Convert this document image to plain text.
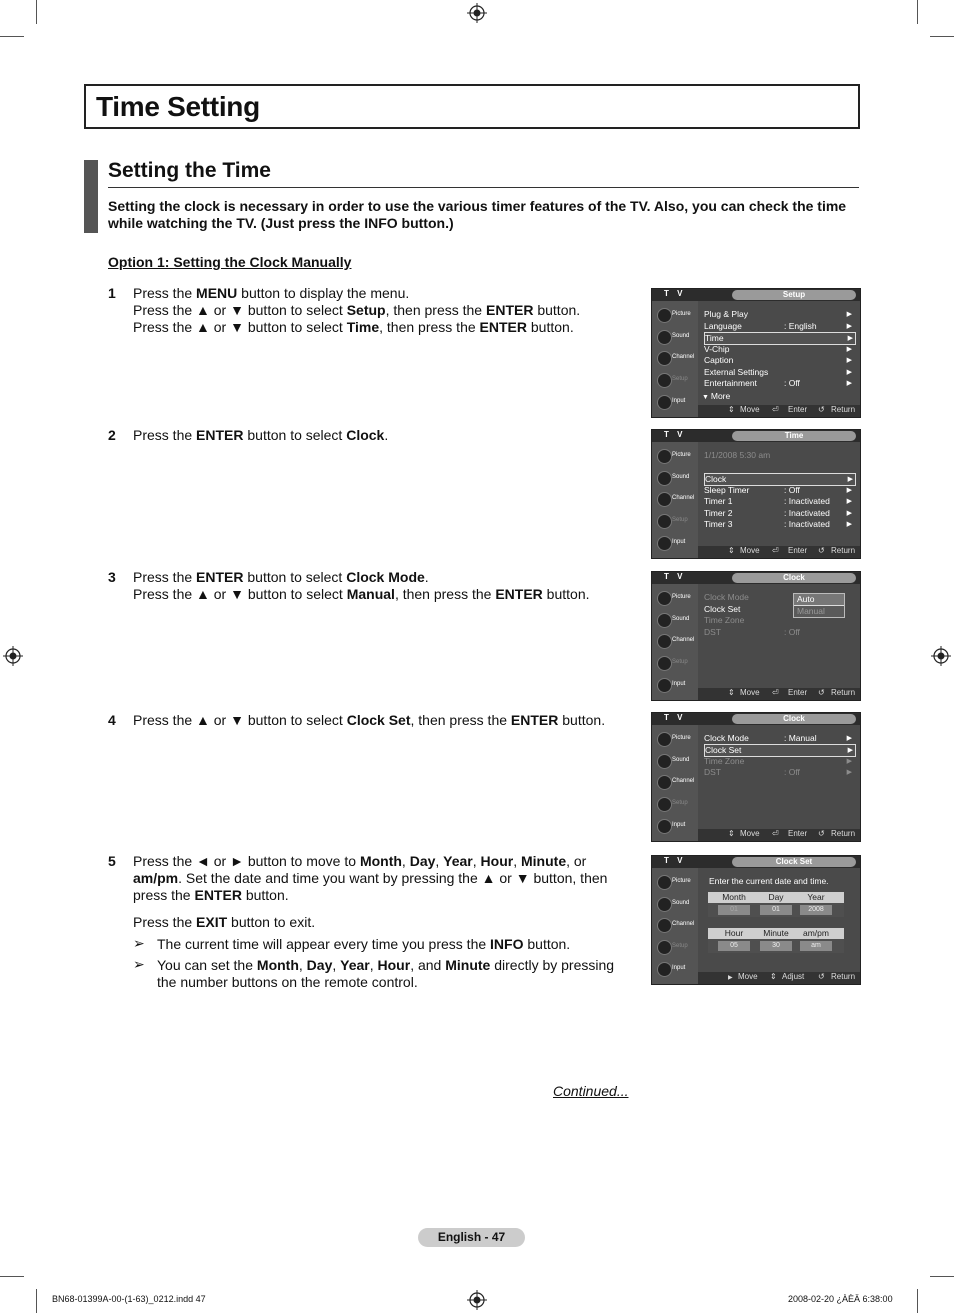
Time Setting
Setting the Time
Setting the clock is necessary in order to use the various timer features of the TV. Also, you can check the time while watching the TV. (Just press the INFO button.)
Option 1: Setting the Clock Manually
1 Press the MENU button to display the menu.
Press the ▲ or ▼ button to select Setup, then press the ENTER button.
Press the ▲ or ▼ button to select Time, then press the ENTER button.
2 Press the ENTER button to select Clock.
3 Press the ENTER button to select Clock Mode.
Press the ▲ or ▼ button to select Manual, then press the ENTER button.
4 Press the ▲ or ▼ button to select Clock Set, then press the ENTER button.
5 Press the ◄ or ► button to move to Month, Day, Year, Hour, Minute, or am/pm. Set the date and time you want by pressing the ▲ or ▼ button, then press the ENTER button.
Press the EXIT button to exit.
➢ The current time will appear every time you press the INFO button.
➢ You can set the Month, Day, Year, Hour, and Minute directly by pressing the number buttons on the remote control.
T V	Setup
Picture
Sound
Channel
Setup
Input
Plug & Play	▶
Language	: English	▶
Time	▶
V-Chip	▶
Caption	▶
External Settings	▶
Entertainment	: Off	▶
▼ More
⇕ Move ⏎ Enter ↺ Return
T V	Time
Picture
Sound
Channel
Setup
Input
1/1/2008 5:30 am
Clock	▶
Sleep Timer	: Off	▶
Timer 1	: Inactivated ▶
Timer 2	: Inactivated ▶
Timer 3	: Inactivated ▶
⇕ Move ⏎ Enter ↺ Return
T V	Clock
Picture
Sound
Channel
Setup
Input
Clock Mode
Clock Set
Time Zone
DST	: Off
Auto
Manual
⇕ Move ⏎ Enter ↺ Return
T V	Clock
Picture
Sound
Channel
Setup
Input
Clock Mode	: Manual	▶
Clock Set	▶
Time Zone	▶
DST	: Off	▶
⇕ Move ⏎ Enter ↺ Return
T V	Clock Set
Picture
Sound
Channel
Setup
Input
Enter the current date and time.
Month	Day	Year
01	01	2008
Hour	Minute	am/pm
05	30	am
▶ Move ⇕ Adjust ↺ Return
Continued...
English - 47
BN68-01399A-00-(1-63)_0212.indd 47	2008-02-20 ¿ÀÈÄ 6:38:00
